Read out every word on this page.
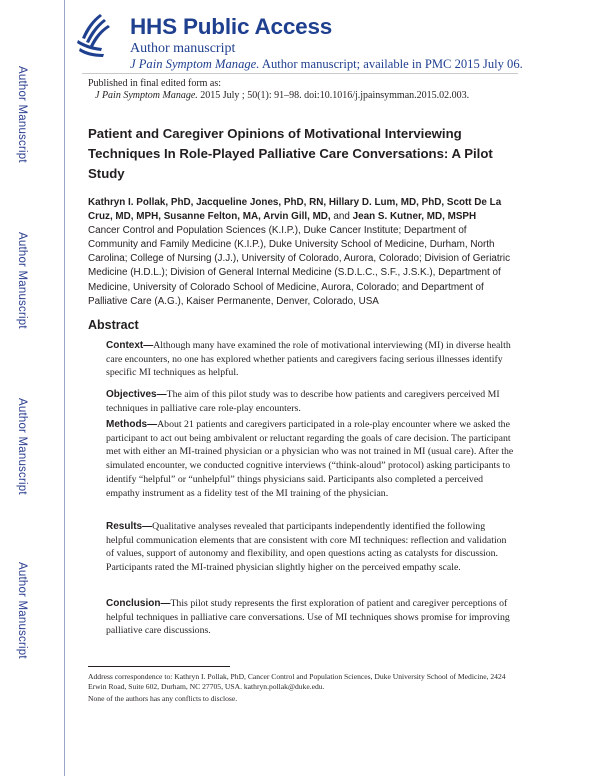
Author Manuscript
Author Manuscript
Author Manuscript
Author Manuscript
HHS Public Access
Author manuscript
J Pain Symptom Manage. Author manuscript; available in PMC 2015 July 06.
Published in final edited form as:
J Pain Symptom Manage. 2015 July ; 50(1): 91–98. doi:10.1016/j.jpainsymman.2015.02.003.
Patient and Caregiver Opinions of Motivational Interviewing Techniques In Role-Played Palliative Care Conversations: A Pilot Study
Kathryn I. Pollak, PhD, Jacqueline Jones, PhD, RN, Hillary D. Lum, MD, PhD, Scott De La Cruz, MD, MPH, Susanne Felton, MA, Arvin Gill, MD, and Jean S. Kutner, MD, MSPH
Cancer Control and Population Sciences (K.I.P.), Duke Cancer Institute; Department of Community and Family Medicine (K.I.P.), Duke University School of Medicine, Durham, North Carolina; College of Nursing (J.J.), University of Colorado, Aurora, Colorado; Division of Geriatric Medicine (H.D.L.); Division of General Internal Medicine (S.D.L.C., S.F., J.S.K.), Department of Medicine, University of Colorado School of Medicine, Aurora, Colorado; and Department of Palliative Care (A.G.), Kaiser Permanente, Denver, Colorado, USA
Abstract
Context—Although many have examined the role of motivational interviewing (MI) in diverse health care encounters, no one has explored whether patients and caregivers facing serious illnesses identify specific MI techniques as helpful.
Objectives—The aim of this pilot study was to describe how patients and caregivers perceived MI techniques in palliative care role-play encounters.
Methods—About 21 patients and caregivers participated in a role-play encounter where we asked the participant to act out being ambivalent or reluctant regarding the goals of care decision. The participant met with either an MI-trained physician or a physician who was not trained in MI (usual care). After the simulated encounter, we conducted cognitive interviews (“think-aloud” protocol) asking participants to identify “helpful” or “unhelpful” things physicians said. Participants also completed a perceived empathy instrument as a fidelity test of the MI training of the physician.
Results—Qualitative analyses revealed that participants independently identified the following helpful communication elements that are consistent with core MI techniques: reflection and validation of values, support of autonomy and flexibility, and open questions acting as catalysts for discussion. Participants rated the MI-trained physician slightly higher on the perceived empathy scale.
Conclusion—This pilot study represents the first exploration of patient and caregiver perceptions of helpful techniques in palliative care conversations. Use of MI techniques shows promise for improving palliative care discussions.
Address correspondence to: Kathryn I. Pollak, PhD, Cancer Control and Population Sciences, Duke University School of Medicine, 2424 Erwin Road, Suite 602, Durham, NC 27705, USA. kathryn.pollak@duke.edu.
None of the authors has any conflicts to disclose.
